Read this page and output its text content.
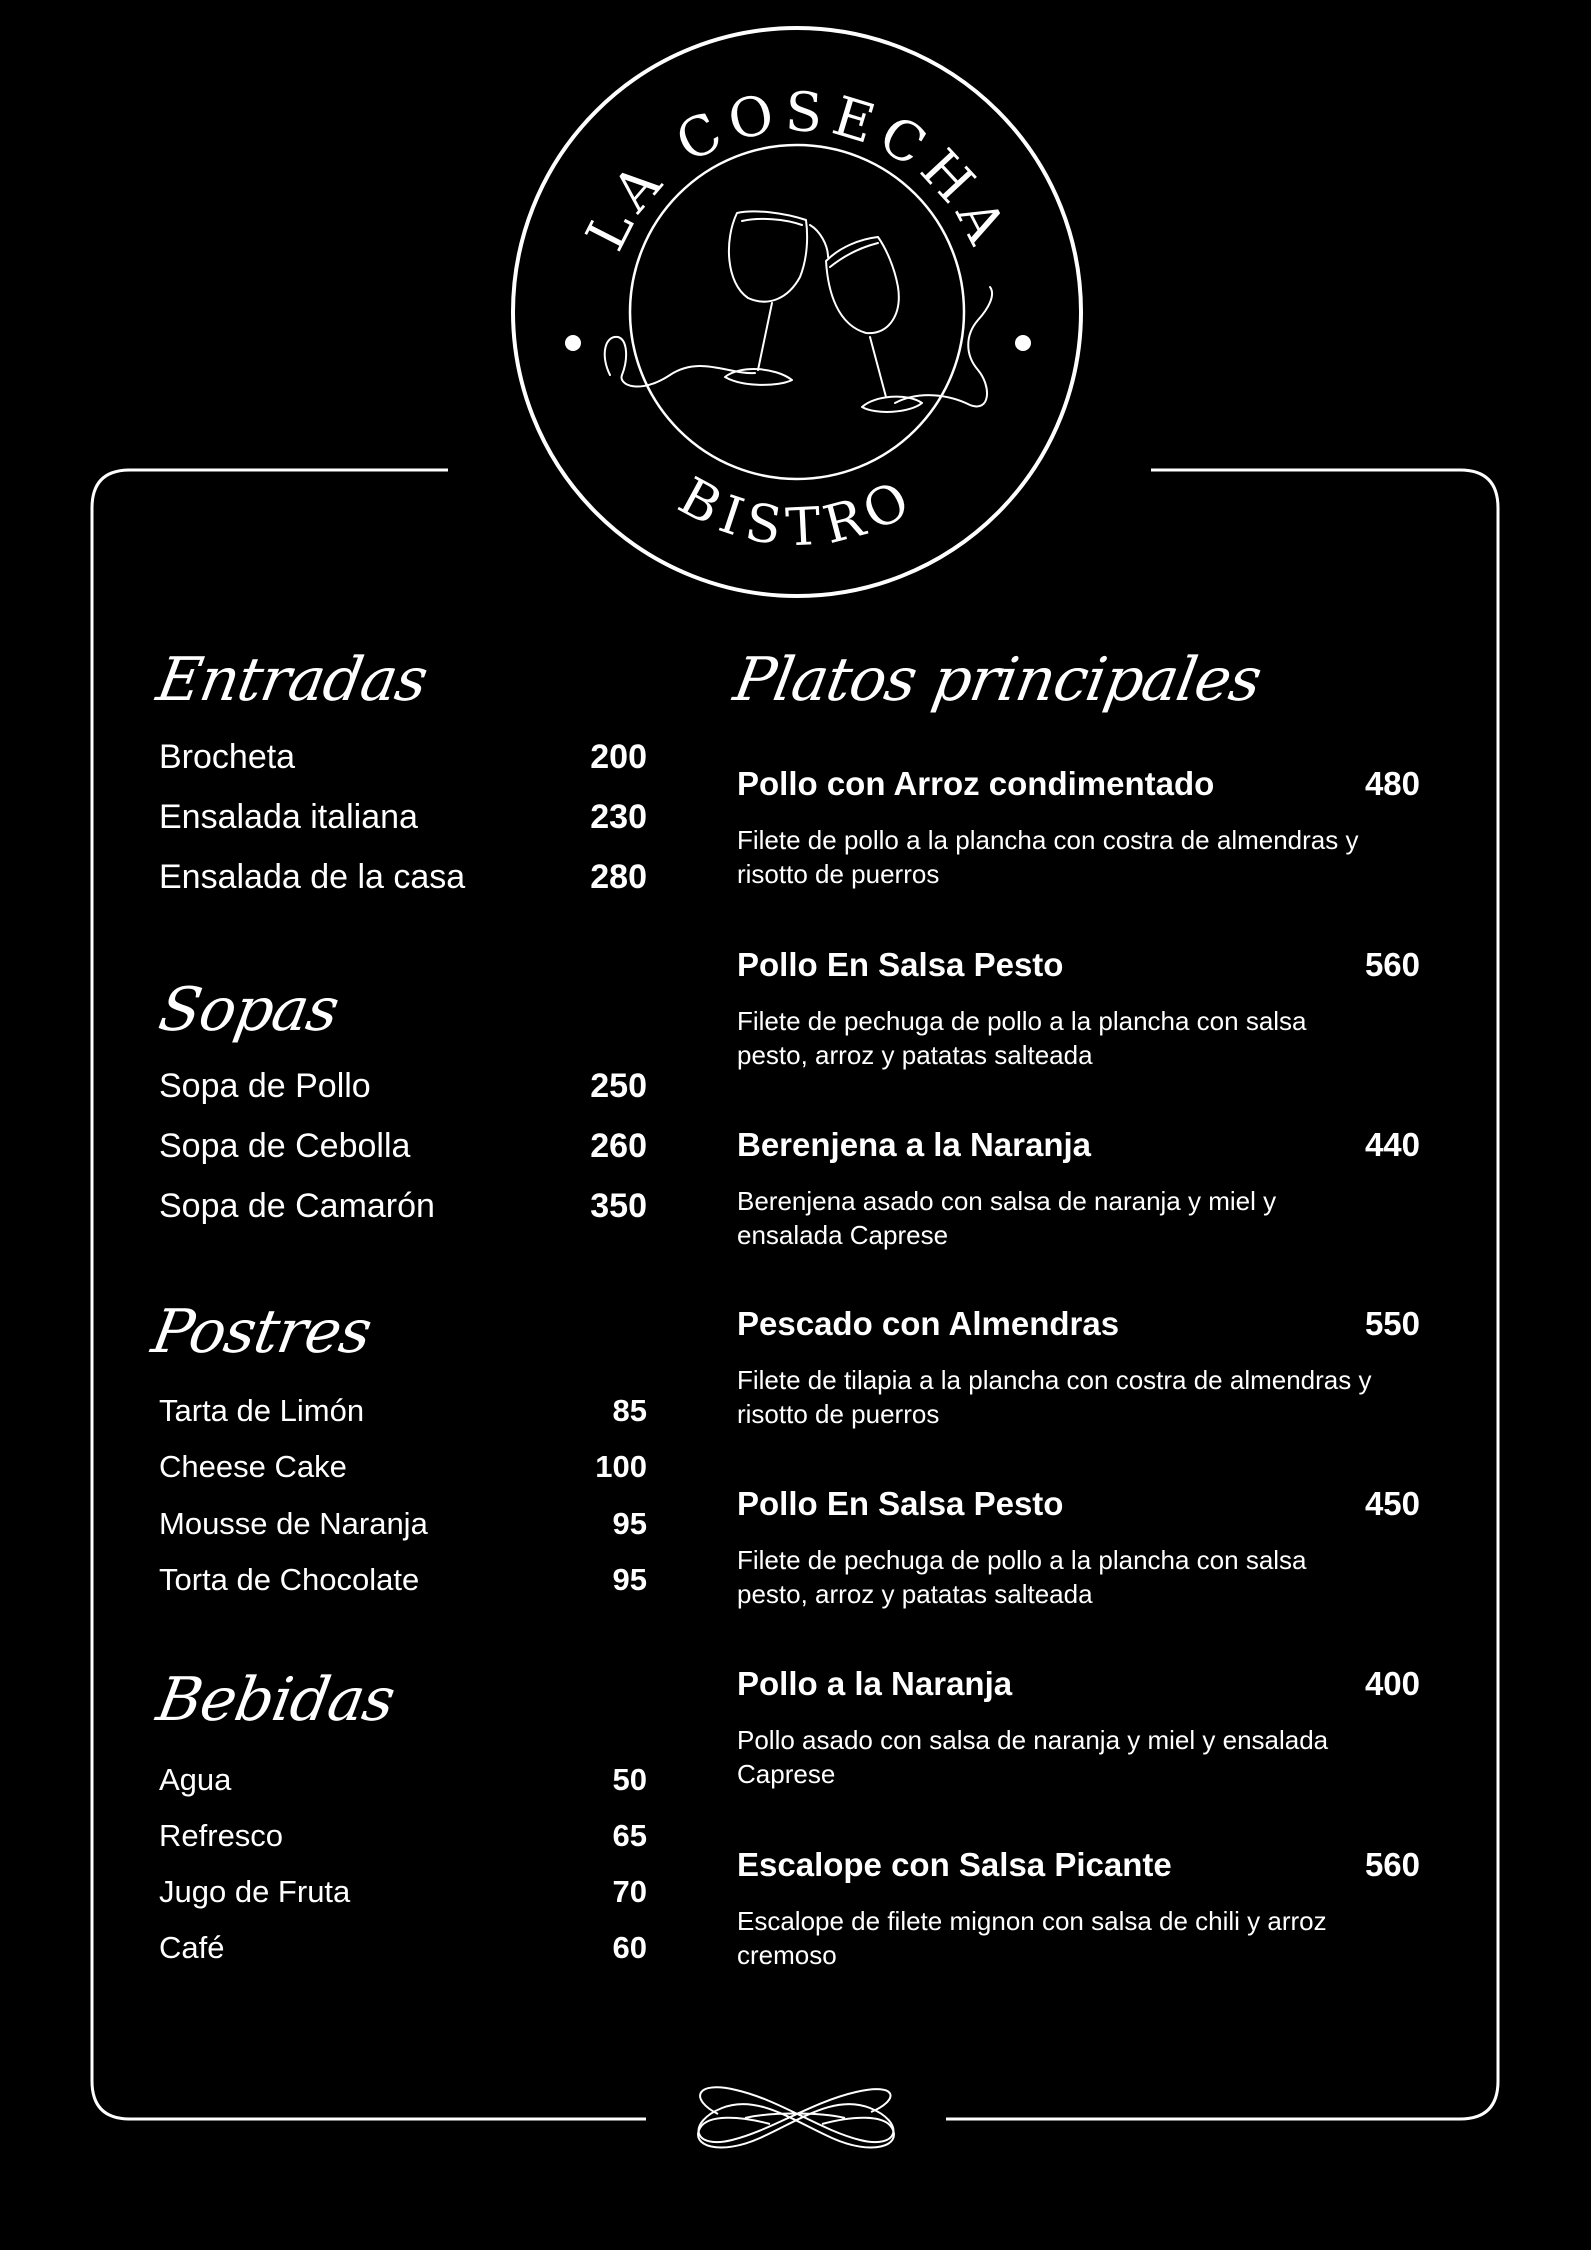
LA COSECHA
BISTRO
Entradas
Brocheta	200
Ensalada italiana	230
Ensalada de la casa	280
Sopas
Sopa de Pollo	250
Sopa de Cebolla	260
Sopa de Camarón	350
Postres
Tarta de Limón	85
Cheese Cake	100
Mousse de Naranja	95
Torta de Chocolate	95
Bebidas
Agua	50
Refresco	65
Jugo de Fruta	70
Café	60
Platos principales
Pollo con Arroz condimentado	480
Filete de pollo a la plancha con costra de almendras y risotto de puerros
Pollo En Salsa Pesto	560
Filete de pechuga de pollo a la plancha con salsa pesto, arroz y patatas salteada
Berenjena a la Naranja	440
Berenjena asado con salsa de naranja y miel y ensalada Caprese
Pescado con Almendras	550
Filete de tilapia a la plancha con costra de almendras y risotto de puerros
Pollo En Salsa Pesto	450
Filete de pechuga de pollo a la plancha con salsa pesto, arroz y patatas salteada
Pollo a la Naranja	400
Pollo asado con salsa de naranja y miel y ensalada Caprese
Escalope con Salsa Picante	560
Escalope de filete mignon con salsa de chili y arroz cremoso
